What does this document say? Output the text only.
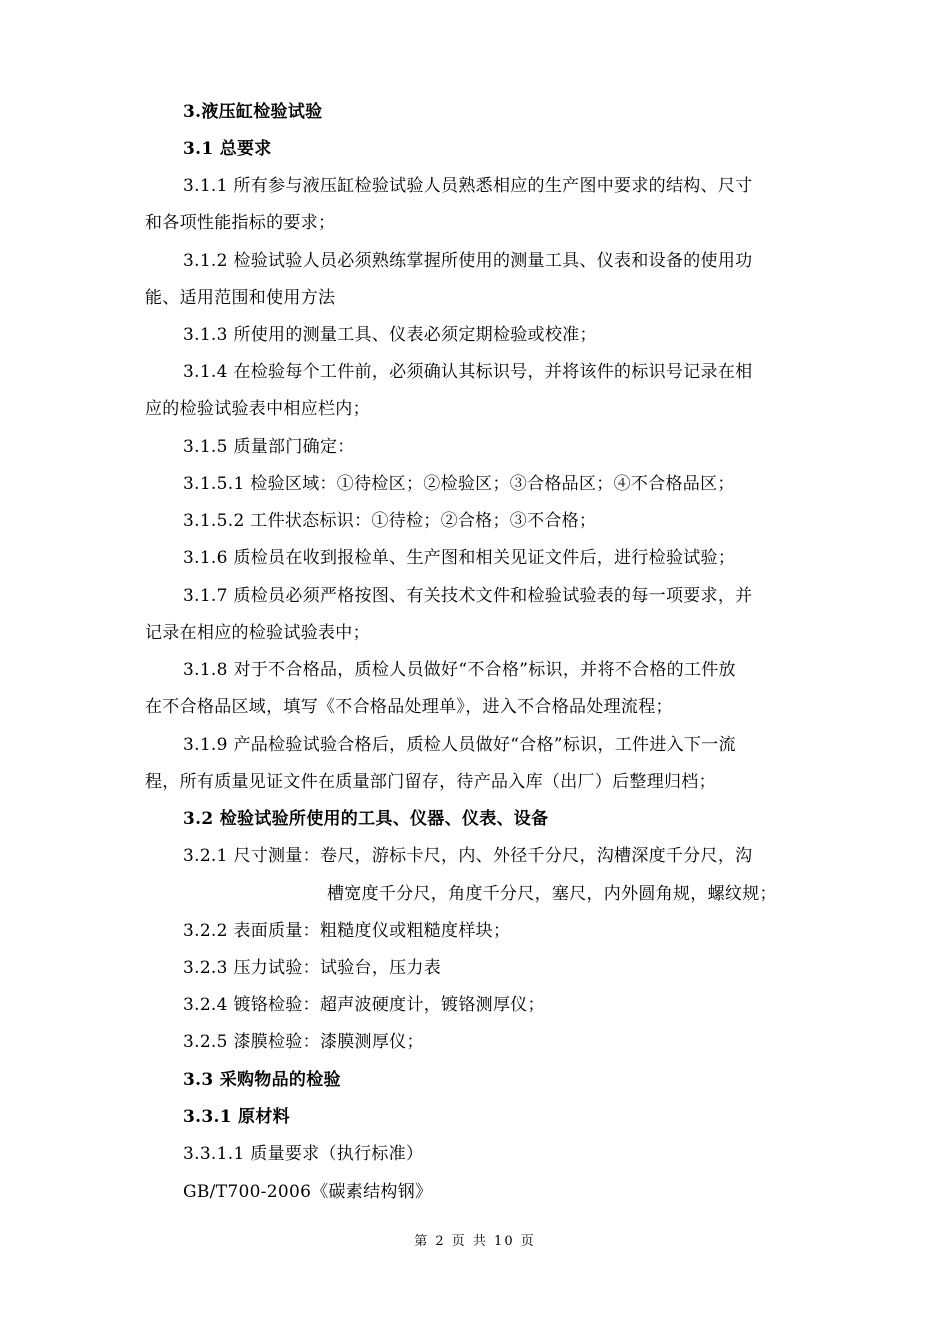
3.液压缸检验试验
3.1 总要求
3.1.1 所有参与液压缸检验试验人员熟悉相应的生产图中要求的结构、尺寸
和各项性能指标的要求；
3.1.2 检验试验人员必须熟练掌握所使用的测量工具、仪表和设备的使用功
能、适用范围和使用方法
3.1.3 所使用的测量工具、仪表必须定期检验或校准；
3.1.4 在检验每个工件前，必须确认其标识号，并将该件的标识号记录在相
应的检验试验表中相应栏内；
3.1.5 质量部门确定：
3.1.5.1 检验区域：①待检区；②检验区；③合格品区；④不合格品区；
3.1.5.2 工件状态标识：①待检；②合格；③不合格；
3.1.6 质检员在收到报检单、生产图和相关见证文件后，进行检验试验；
3.1.7 质检员必须严格按图、有关技术文件和检验试验表的每一项要求，并
记录在相应的检验试验表中；
3.1.8 对于不合格品，质检人员做好“不合格”标识，并将不合格的工件放
在不合格品区域，填写《不合格品处理单》，进入不合格品处理流程；
3.1.9 产品检验试验合格后，质检人员做好“合格”标识，工件进入下一流
程，所有质量见证文件在质量部门留存，待产品入库（出厂）后整理归档；
3.2 检验试验所使用的工具、仪器、仪表、设备
3.2.1 尺寸测量：卷尺，游标卡尺，内、外径千分尺，沟槽深度千分尺，沟
槽宽度千分尺，角度千分尺，塞尺，内外圆角规，螺纹规；
3.2.2 表面质量：粗糙度仪或粗糙度样块；
3.2.3 压力试验：试验台，压力表
3.2.4 镀铬检验：超声波硬度计，镀铬测厚仪；
3.2.5 漆膜检验：漆膜测厚仪；
3.3 采购物品的检验
3.3.1 原材料
3.3.1.1 质量要求（执行标准）
GB/T700-2006《碳素结构钢》
第 2 页 共 10 页
